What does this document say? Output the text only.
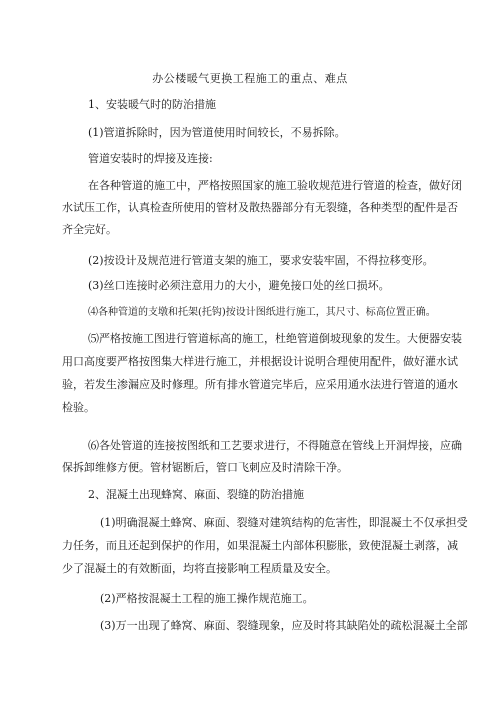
办公楼暖气更换工程施工的重点、难点
1、安装暖气时的防治措施
(1)管道拆除时，因为管道使用时间较长，不易拆除。
管道安装时的焊接及连接:
在各种管道的施工中，严格按照国家的施工验收规范进行管道的检查，做好闭
水试压工作，认真检查所使用的管材及散热器部分有无裂缝，各种类型的配件是否
齐全完好。
(2)按设计及规范进行管道支架的施工，要求安装牢固，不得拉移变形。
(3)丝口连接时必须注意用力的大小，避免接口处的丝口损坏。
⑷各种管道的支墩和托架(托钩)按设计图纸进行施工，其尺寸、标高位置正确。
⑸严格按施工图进行管道标高的施工，杜绝管道倒坡现象的发生。大便器安装
用口高度要严格按图集大样进行施工，并根据设计说明合理使用配件，做好灌水试
验，若发生渗漏应及时修理。所有排水管道完毕后，应采用通水法进行管道的通水
检验。
⑹各处管道的连接按图纸和工艺要求进行，不得随意在管线上开洞焊接，应确
保拆卸维修方便。管材锯断后，管口飞刺应及时清除干净。
2、混凝土出现蜂窝、麻面、裂缝的防治措施
(1)明确混凝土蜂窝、麻面、裂缝对建筑结构的危害性，即混凝土不仅承担受
力任务，而且还起到保护的作用，如果混凝土内部体积膨胀，致使混凝土剥落，减
少了混凝土的有效断面，均将直接影响工程质量及安全。
(2)严格按混凝土工程的施工操作规范施工。
(3)万一出现了蜂窝、麻面、裂缝现象，应及时将其缺陷处的疏松混凝土全部
